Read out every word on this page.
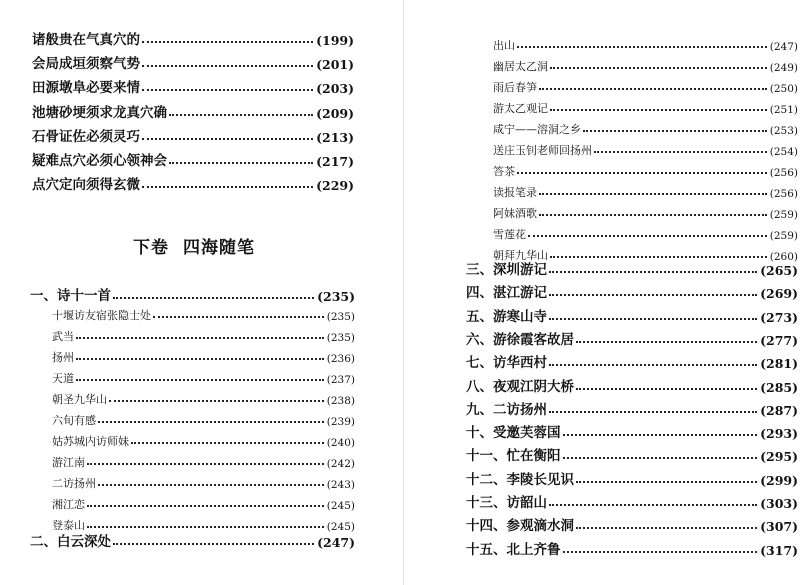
诸般贵在气真穴的	(199)
会局成垣须察气势	(201)
田源墩阜必要来情	(203)
池塘砂埂须求龙真穴确	(209)
石骨证佐必须灵巧	(213)
疑难点穴必须心领神会	(217)
点穴定向须得玄微	(229)
下卷 四海随笔
一、诗十一首	(235)
十堰访友宿张隐士处	(235)
武当	(235)
扬州	(236)
天道	(237)
朝圣九华山	(238)
六旬有感	(239)
姑苏城内访师妹	(240)
游江南	(242)
二访扬州	(243)
湘江恋	(245)
登泰山	(245)
二、白云深处	(247)
出山	(247)
幽居太乙洞	(249)
雨后春笋	(250)
游太乙观记	(251)
咸宁——溶洞之乡	(253)
送庄玉钊老师回扬州	(254)
答茶	(256)
读报笔录	(256)
阿妹酒歌	(259)
雪莲花	(259)
朝拜九华山	(260)
三、深圳游记	(265)
四、湛江游记	(269)
五、游寒山寺	(273)
六、游徐霞客故居	(277)
七、访华西村	(281)
八、夜观江阴大桥	(285)
九、二访扬州	(287)
十、受邀芙蓉国	(293)
十一、忙在衡阳	(295)
十二、李陵长见识	(299)
十三、访韶山	(303)
十四、参观滴水洞	(307)
十五、北上齐鲁	(317)
